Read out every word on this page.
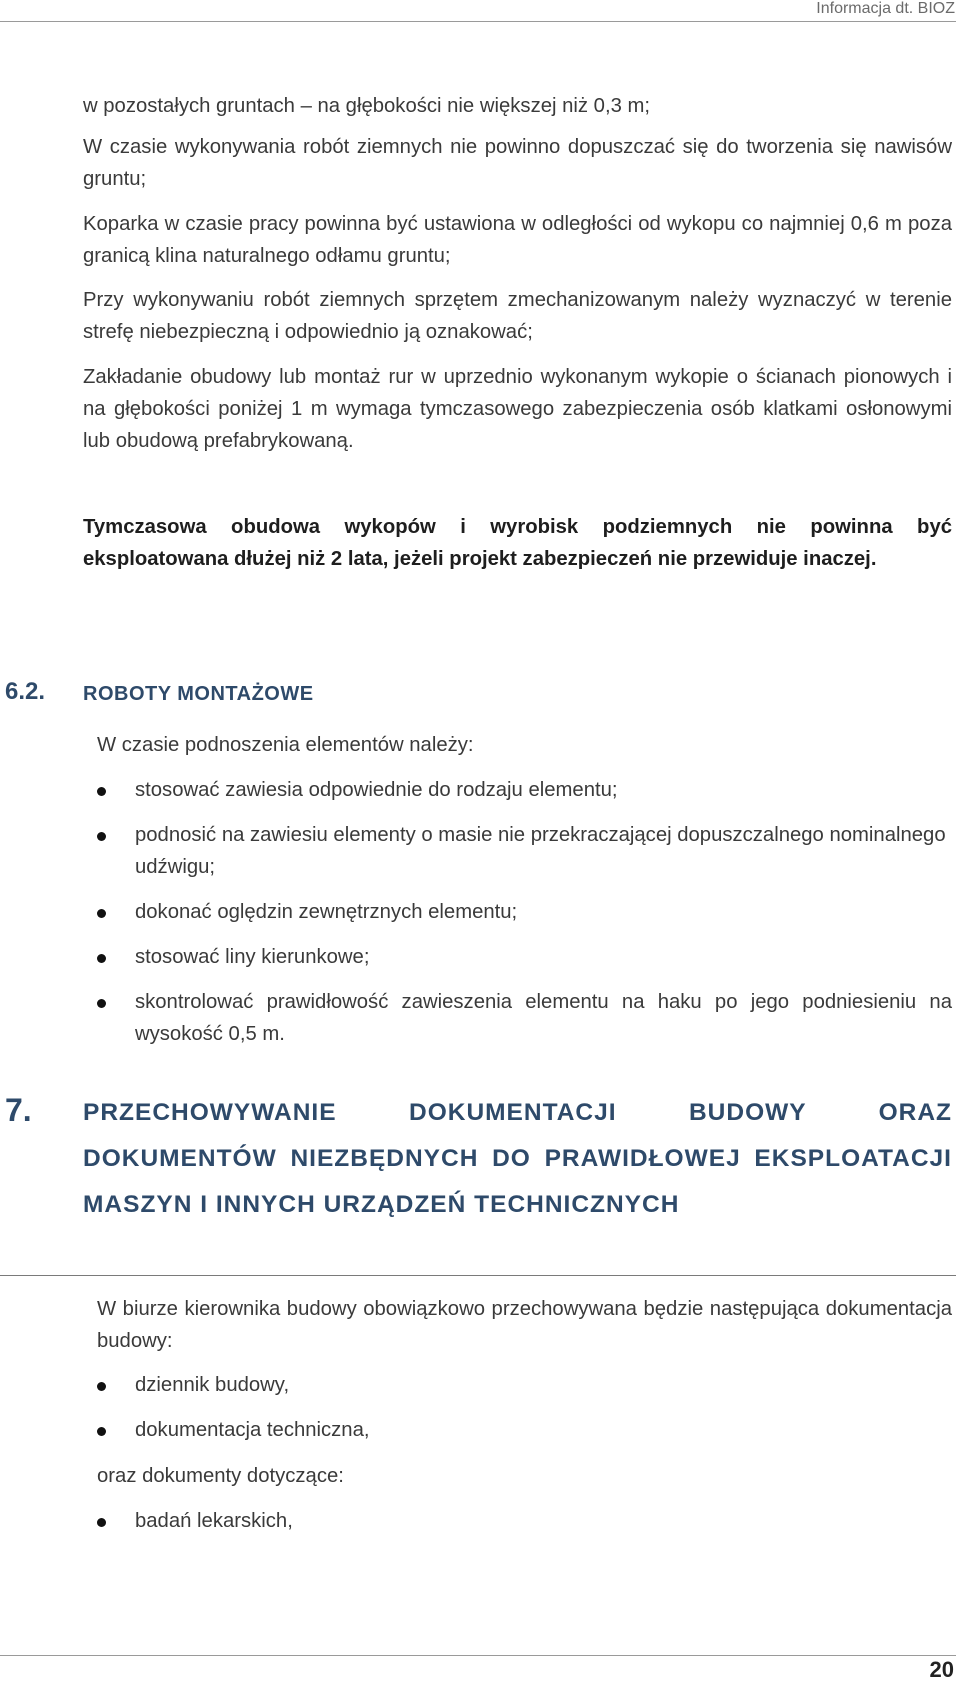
Informacja dt. BIOZ
w pozostałych gruntach – na głębokości nie większej niż 0,3 m;
W czasie wykonywania robót ziemnych nie powinno dopuszczać się do tworzenia się nawisów gruntu;
Koparka w czasie pracy powinna być ustawiona w odległości od wykopu co najmniej 0,6 m poza granicą klina naturalnego odłamu gruntu;
Przy wykonywaniu robót ziemnych sprzętem zmechanizowanym należy wyznaczyć w terenie strefę niebezpieczną i odpowiednio ją oznakować;
Zakładanie obudowy lub montaż rur w uprzednio wykonanym wykopie o ścianach pionowych i na głębokości poniżej 1 m wymaga tymczasowego zabezpieczenia osób klatkami osłonowymi lub obudową prefabrykowaną.
Tymczasowa obudowa wykopów i wyrobisk podziemnych nie powinna być eksploatowana dłużej niż 2 lata, jeżeli projekt zabezpieczeń nie przewiduje inaczej.
6.2. ROBOTY MONTAŻOWE
W czasie podnoszenia elementów należy:
stosować zawiesia odpowiednie do rodzaju elementu;
podnosić na zawiesiu elementy o masie nie przekraczającej dopuszczalnego nominalnego udźwigu;
dokonać oględzin zewnętrznych elementu;
stosować liny kierunkowe;
skontrolować prawidłowość zawieszenia elementu na haku po jego podniesieniu na wysokość 0,5 m.
7. PRZECHOWYWANIE DOKUMENTACJI BUDOWY ORAZ DOKUMENTÓW NIEZBĘDNYCH DO PRAWIDŁOWEJ EKSPLOATACJI MASZYN I INNYCH URZĄDZEŃ TECHNICZNYCH
W biurze kierownika budowy obowiązkowo przechowywana będzie następująca dokumentacja budowy:
dziennik budowy,
dokumentacja techniczna,
oraz dokumenty dotyczące:
badań lekarskich,
20
